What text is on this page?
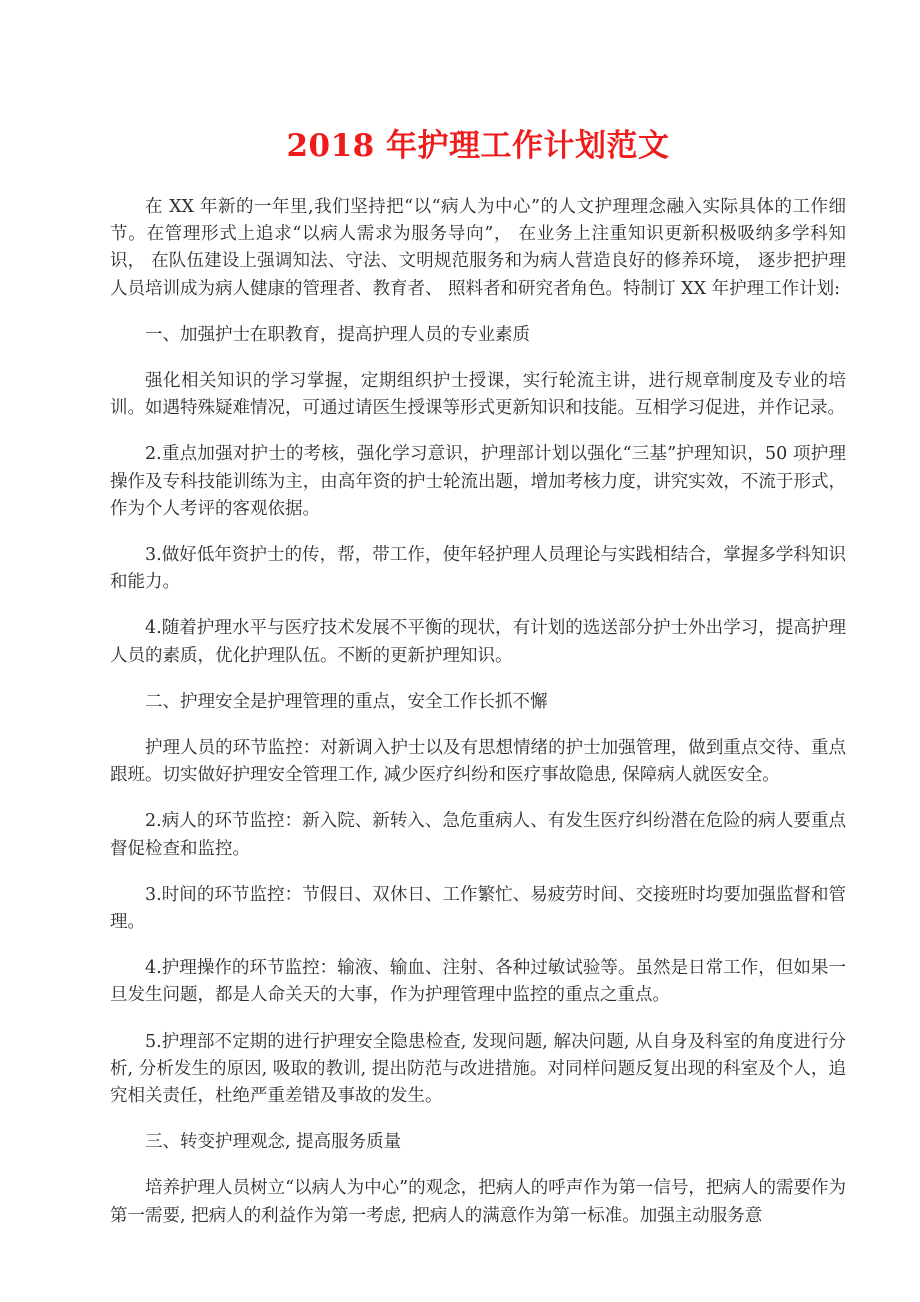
2018 年护理工作计划范文

在 XX 年新的一年里,我们坚持把“以“病人为中心”的人文护理理念融入实际具体的工作细节。在管理形式上追求“以病人需求为服务导向”， 在业务上注重知识更新积极吸纳多学科知识， 在队伍建设上强调知法、守法、文明规范服务和为病人营造良好的修养环境， 逐步把护理人员培训成为病人健康的管理者、教育者、 照料者和研究者角色。特制订 XX 年护理工作计划:

一、加强护士在职教育，提高护理人员的专业素质

强化相关知识的学习掌握，定期组织护士授课，实行轮流主讲，进行规章制度及专业的培训。如遇特殊疑难情况，可通过请医生授课等形式更新知识和技能。互相学习促进，并作记录。

2.重点加强对护士的考核，强化学习意识，护理部计划以强化“三基”护理知识，50 项护理操作及专科技能训练为主，由高年资的护士轮流出题，增加考核力度，讲究实效，不流于形式，作为个人考评的客观依据。

3.做好低年资护士的传，帮，带工作，使年轻护理人员理论与实践相结合，掌握多学科知识和能力。

4.随着护理水平与医疗技术发展不平衡的现状，有计划的选送部分护士外出学习，提高护理人员的素质，优化护理队伍。不断的更新护理知识。

二、护理安全是护理管理的重点，安全工作长抓不懈

护理人员的环节监控：对新调入护士以及有思想情绪的护士加强管理，做到重点交待、重点跟班。切实做好护理安全管理工作, 减少医疗纠纷和医疗事故隐患, 保障病人就医安全。

2.病人的环节监控：新入院、新转入、急危重病人、有发生医疗纠纷潜在危险的病人要重点督促检查和监控。

3.时间的环节监控：节假日、双休日、工作繁忙、易疲劳时间、交接班时均要加强监督和管理。

4.护理操作的环节监控：输液、输血、注射、各种过敏试验等。虽然是日常工作，但如果一旦发生问题，都是人命关天的大事，作为护理管理中监控的重点之重点。

5.护理部不定期的进行护理安全隐患检查, 发现问题, 解决问题, 从自身及科室的角度进行分析, 分析发生的原因, 吸取的教训, 提出防范与改进措施。对同样问题反复出现的科室及个人，追究相关责任，杜绝严重差错及事故的发生。

三、转变护理观念, 提高服务质量

培养护理人员树立“以病人为中心”的观念，把病人的呼声作为第一信号，把病人的需要作为第一需要, 把病人的利益作为第一考虑, 把病人的满意作为第一标准。加强主动服务意
